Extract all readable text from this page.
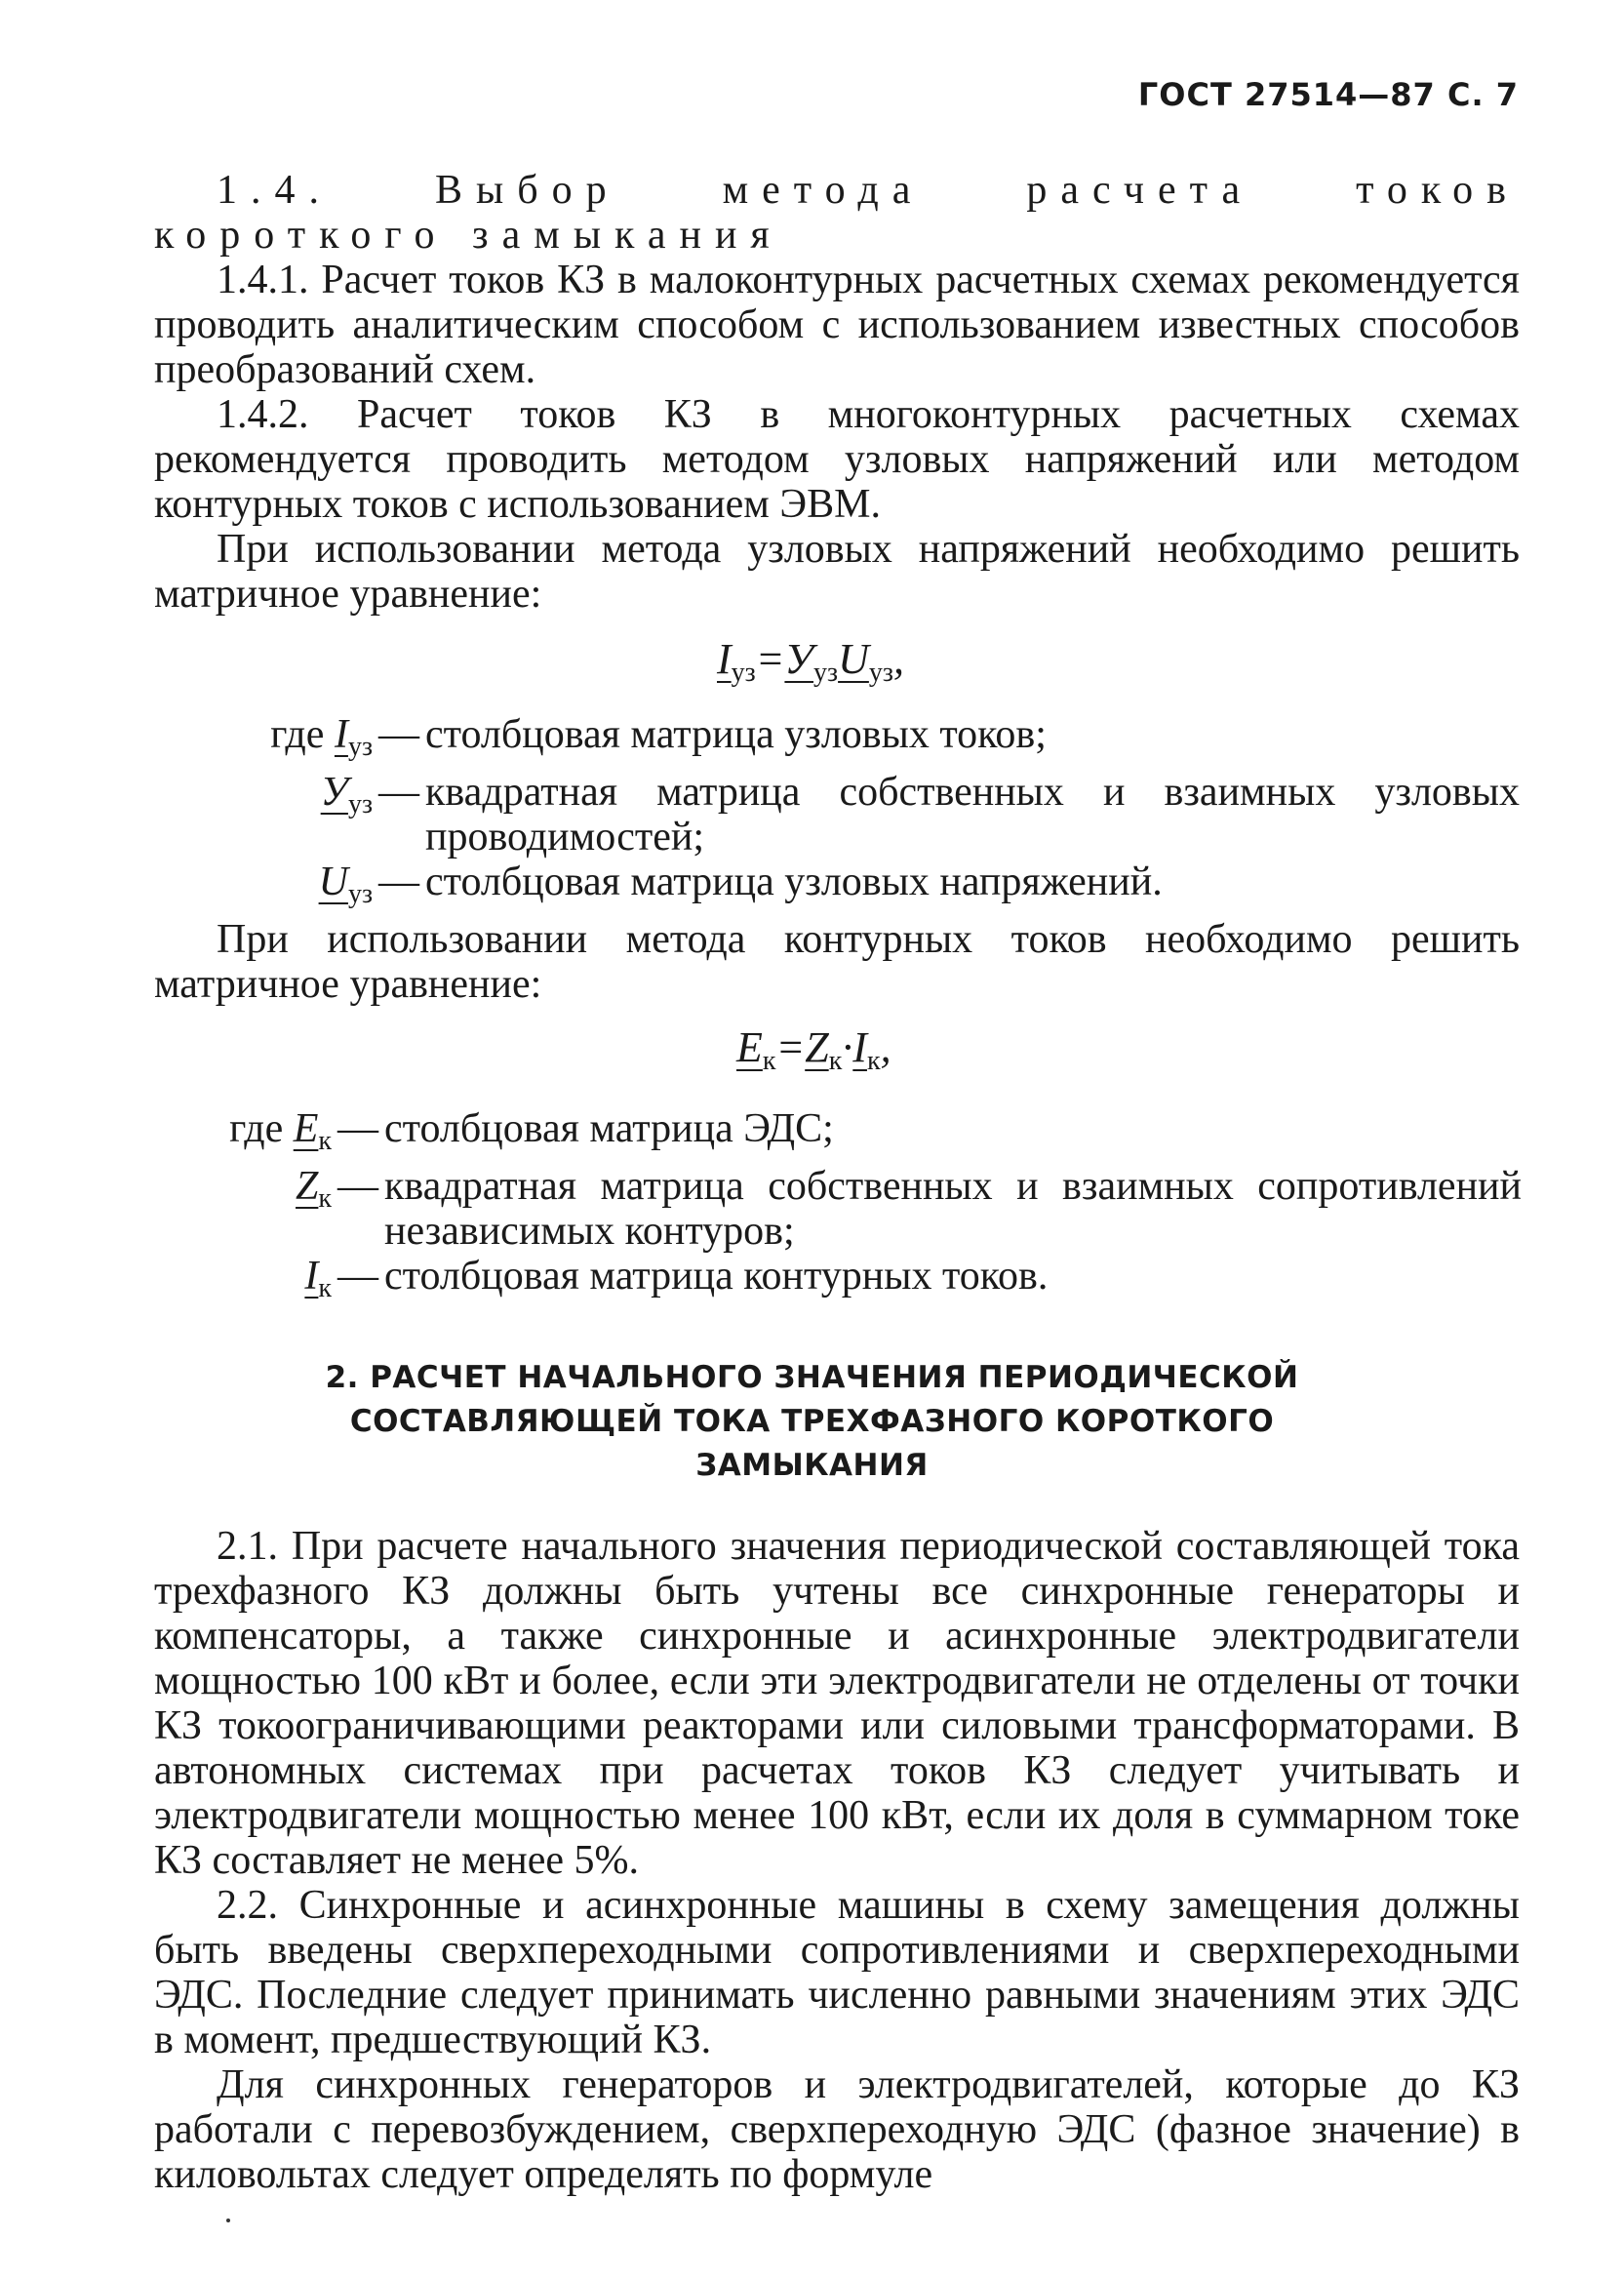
ГОСТ 27514—87 С. 7

1.4. Выбор метода расчета токов короткого замыкания

1.4.1. Расчет токов КЗ в малоконтурных расчетных схемах рекомендуется проводить аналитическим способом с использованием известных способов преобразований схем.

1.4.2. Расчет токов КЗ в многоконтурных расчетных схемах рекомендуется проводить методом узловых напряжений или методом контурных токов с использованием ЭВМ.

При использовании метода узловых напряжений необходимо решить матричное уравнение:

$I_{уз}=У_{уз}U_{уз}$,
где $I_{уз}$ — столбцовая матрица узловых токов;
$У_{уз}$ — квадратная матрица собственных и взаимных узловых проводимостей;
$U_{уз}$ — столбцовая матрица узловых напряжений.

При использовании метода контурных токов необходимо решить матричное уравнение:

$E_к=Z_к\cdot I_к$,
где $E_к$ — столбцовая матрица ЭДС;
$Z_к$ — квадратная матрица собственных и взаимных сопротивлений независимых контуров;
$I_к$ — столбцовая матрица контурных токов.
2. РАСЧЕТ НАЧАЛЬНОГО ЗНАЧЕНИЯ ПЕРИОДИЧЕСКОЙ
СОСТАВЛЯЮЩЕЙ ТОКА ТРЕХФАЗНОГО КОРОТКОГО
ЗАМЫКАНИЯ

2.1. При расчете начального значения периодической составляющей тока трехфазного КЗ должны быть учтены все синхронные генераторы и компенсаторы, а также синхронные и асинхронные электродвигатели мощностью 100 кВт и более, если эти электродвигатели не отделены от точки КЗ токоограничивающими реакторами или силовыми трансформаторами. В автономных системах при расчетах токов КЗ следует учитывать и электродвигатели мощностью менее 100 кВт, если их доля в суммарном токе КЗ составляет не менее 5%.

2.2. Синхронные и асинхронные машины в схему замещения должны быть введены сверхпереходными сопротивлениями и сверхпереходными ЭДС. Последние следует принимать численно равными значениям этих ЭДС в момент, предшествующий КЗ.

Для синхронных генераторов и электродвигателей, которые до КЗ работали с перевозбуждением, сверхпереходную ЭДС (фазное значение) в киловольтах следует определять по формуле
